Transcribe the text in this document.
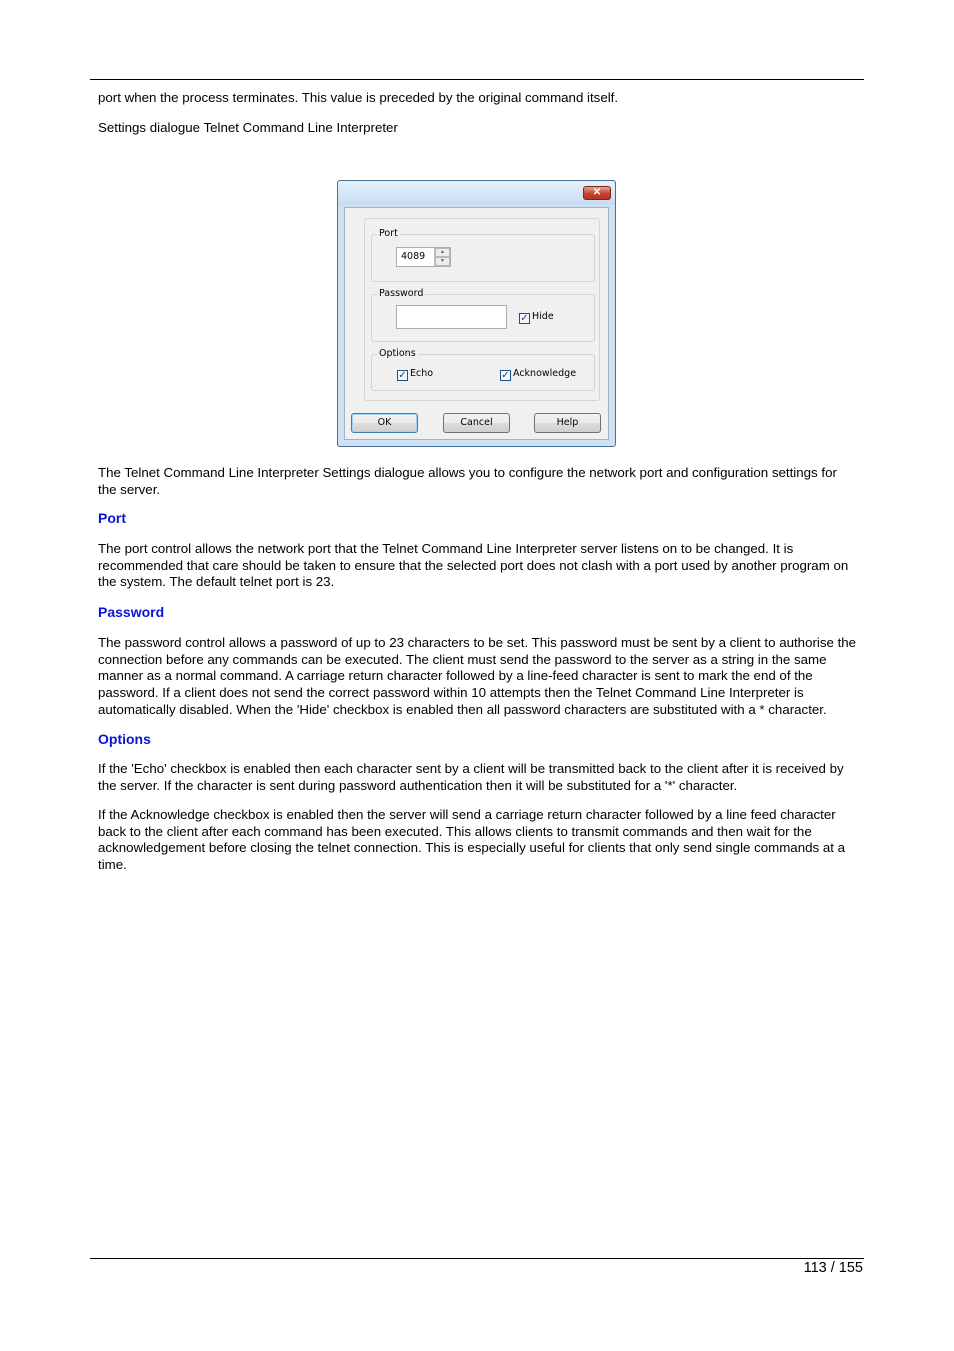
port when the process terminates. This value is preceded by the original command itself.

Settings dialogue Telnet Command Line Interpreter

✕
Port
4089	▲
▼
Password
✓ Hide
Options
✓ Echo	✓ Acknowledge
OK	Cancel	Help

The Telnet Command Line Interpreter Settings dialogue allows you to configure the network port and configuration settings for the server.

Port

The port control allows the network port that the Telnet Command Line Interpreter server listens on to be changed. It is recommended that care should be taken to ensure that the selected port does not clash with a port used by another program on the system. The default telnet port is 23.

Password

The password control allows a password of up to 23 characters to be set. This password must be sent by a client to authorise the connection before any commands can be executed. The client must send the password to the server as a string in the same manner as a normal command. A carriage return character followed by a line-feed character is sent to mark the end of the password. If a client does not send the correct password within 10 attempts then the Telnet Command Line Interpreter is automatically disabled. When the 'Hide' checkbox is enabled then all password characters are substituted with a * character.

Options

If the 'Echo' checkbox is enabled then each character sent by a client will be transmitted back to the client after it is received by the server. If the character is sent during password authentication then it will be substituted for a '*' character.

If the Acknowledge checkbox is enabled then the server will send a carriage return character followed by a line feed character back to the client after each command has been executed. This allows clients to transmit commands and then wait for the acknowledgement before closing the telnet connection. This is especially useful for clients that only send single commands at a time.

113 / 155
